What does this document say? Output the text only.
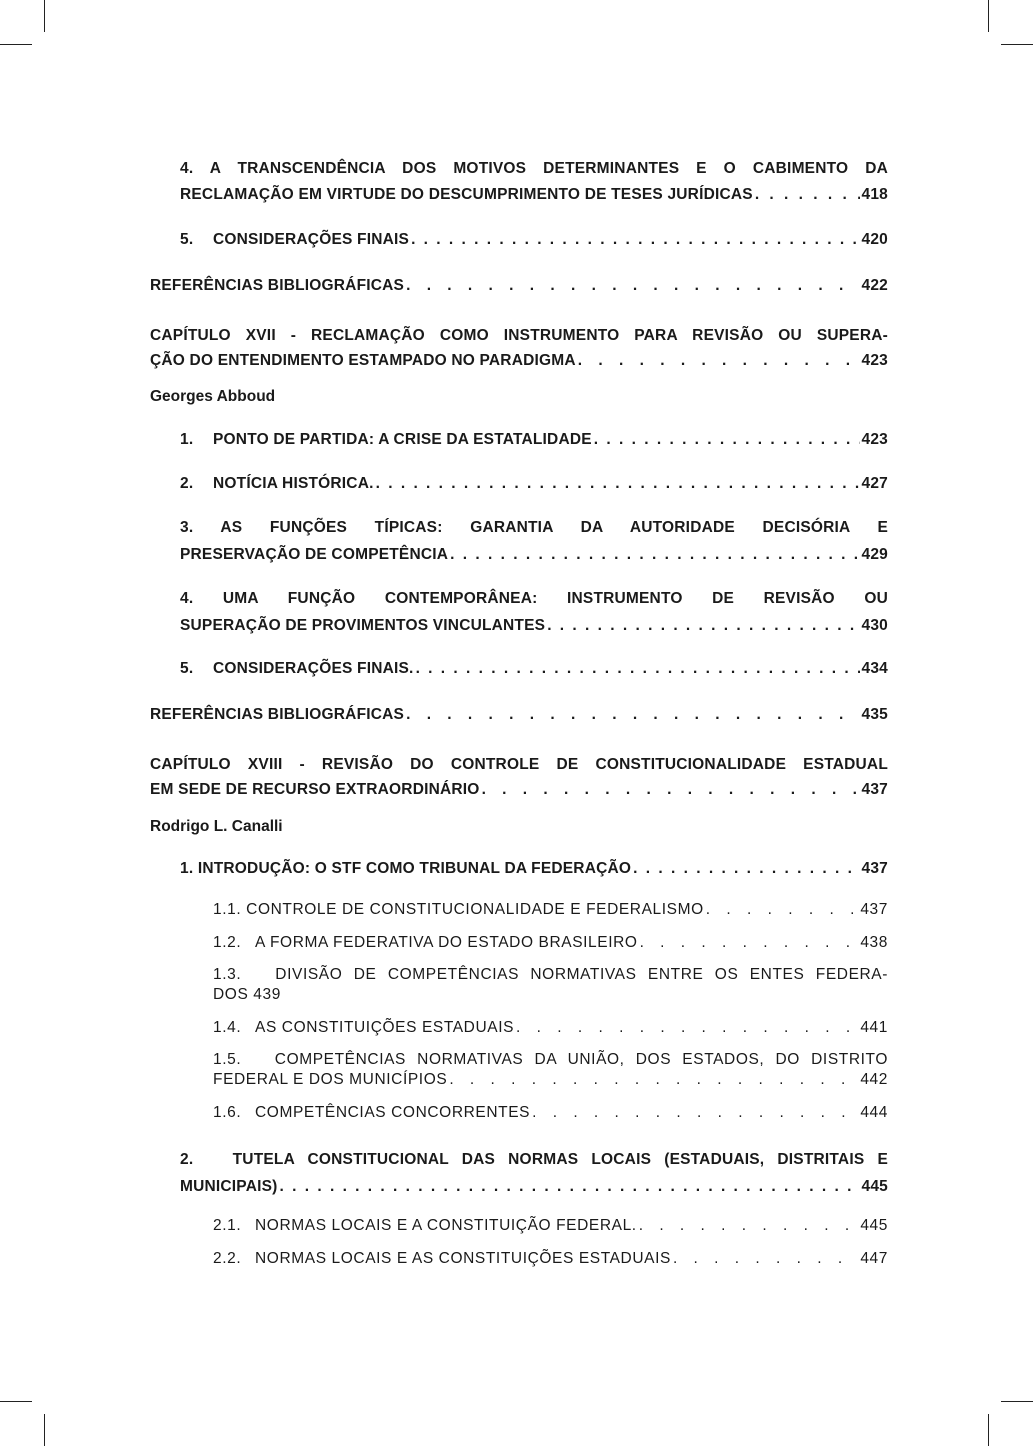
4. A TRANSCENDÊNCIA DOS MOTIVOS DETERMINANTES E O CABIMENTO DA
RECLAMAÇÃO EM VIRTUDE DO DESCUMPRIMENTO DE TESES JURÍDICAS . . .	418
5.	CONSIDERAÇÕES FINAIS . . .	420
REFERÊNCIAS BIBLIOGRÁFICAS . . .	422
CAPÍTULO XVII - RECLAMAÇÃO COMO INSTRUMENTO PARA REVISÃO OU SUPERA-
ÇÃO DO ENTENDIMENTO ESTAMPADO NO PARADIGMA . . .	423
Georges Abboud
1.	PONTO DE PARTIDA: A CRISE DA ESTATALIDADE . . .	423
2.	NOTÍCIA HISTÓRICA. . . .	427
3. AS FUNÇÕES TÍPICAS: GARANTIA DA AUTORIDADE DECISÓRIA E
PRESERVAÇÃO DE COMPETÊNCIA . . .	429
4. UMA FUNÇÃO CONTEMPORÂNEA: INSTRUMENTO DE REVISÃO OU
SUPERAÇÃO DE PROVIMENTOS VINCULANTES . . .	430
5.	CONSIDERAÇÕES FINAIS. . . .	434
REFERÊNCIAS BIBLIOGRÁFICAS . . .	435
CAPÍTULO XVIII - REVISÃO DO CONTROLE DE CONSTITUCIONALIDADE ESTADUAL
EM SEDE DE RECURSO EXTRAORDINÁRIO . . .	437
Rodrigo L. Canalli
1. INTRODUÇÃO: O STF COMO TRIBUNAL DA FEDERAÇÃO . . .	437
1.1. CONTROLE DE CONSTITUCIONALIDADE E FEDERALISMO . . .	437
1.2. A FORMA FEDERATIVA DO ESTADO BRASILEIRO . . .	438
1.3.   DIVISÃO DE COMPETÊNCIAS NORMATIVAS ENTRE OS ENTES FEDERA-
DOS 439
1.4. AS CONSTITUIÇÕES ESTADUAIS . . .	441
1.5.   COMPETÊNCIAS NORMATIVAS DA UNIÃO, DOS ESTADOS, DO DISTRITO
FEDERAL E DOS MUNICÍPIOS . . .	442
1.6. COMPETÊNCIAS CONCORRENTES . . .	444
2.   TUTELA CONSTITUCIONAL DAS NORMAS LOCAIS (ESTADUAIS, DISTRITAIS E
MUNICIPAIS) . . .	445
2.1. NORMAS LOCAIS E A CONSTITUIÇÃO FEDERAL. . . .	445
2.2. NORMAS LOCAIS E AS CONSTITUIÇÕES ESTADUAIS . . .	447
